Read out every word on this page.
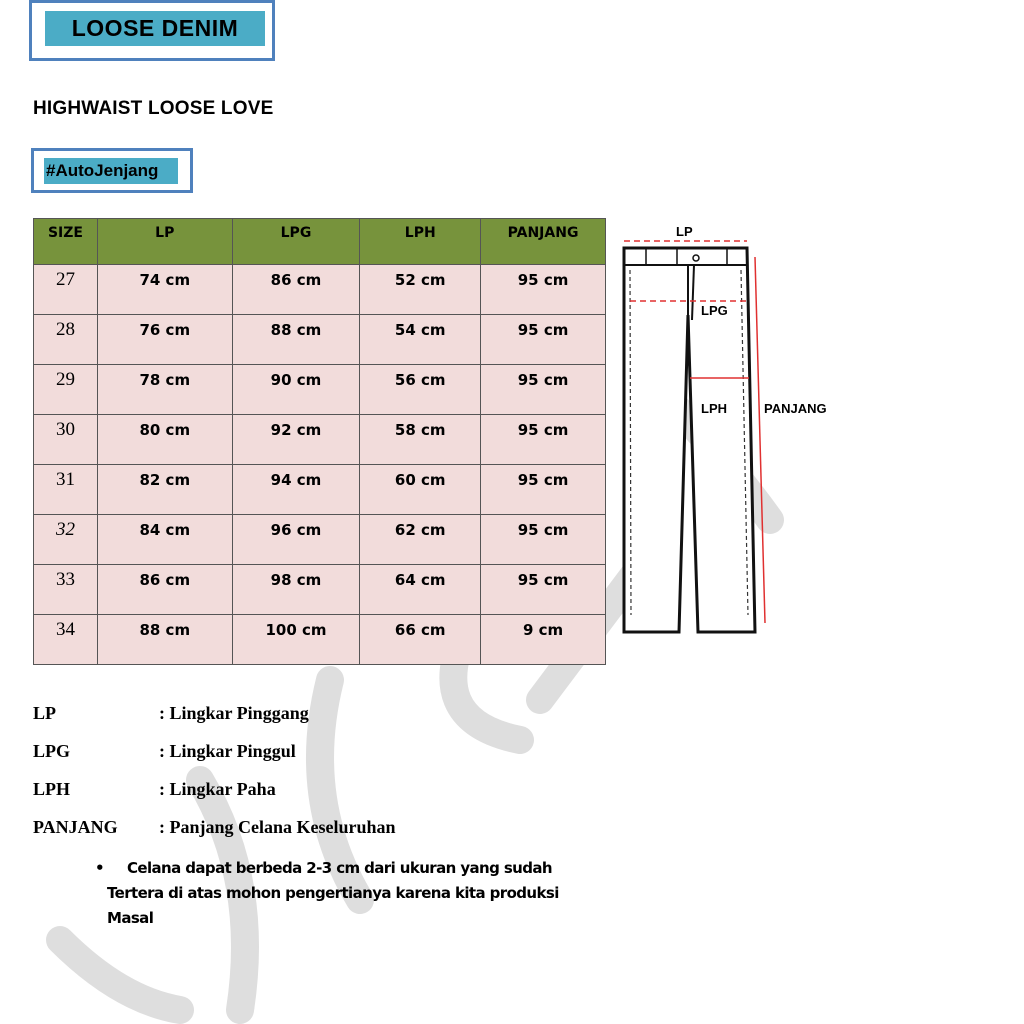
LOOSE DENIM
HIGHWAIST LOOSE LOVE
#AutoJenjang
SIZE	LP	LPG	LPH	PANJANG
27	74 cm	86 cm	52 cm	95 cm
28	76 cm	88 cm	54 cm	95 cm
29	78 cm	90 cm	56 cm	95 cm
30	80 cm	92 cm	58 cm	95 cm
31	82 cm	94 cm	60 cm	95 cm
32	84 cm	96 cm	62 cm	95 cm
33	86 cm	98 cm	64 cm	95 cm
34	88 cm	100 cm	66 cm	9 cm
LP
LPG
LPH	PANJANG
LP	: Lingkar Pinggang
LPG	: Lingkar Pinggul
LPH	: Lingkar Paha
PANJANG : Panjang Celana Keseluruhan
•	Celana dapat berbeda 2-3 cm dari ukuran yang sudah
Tertera di atas mohon pengertianya karena kita produksi
Masal
